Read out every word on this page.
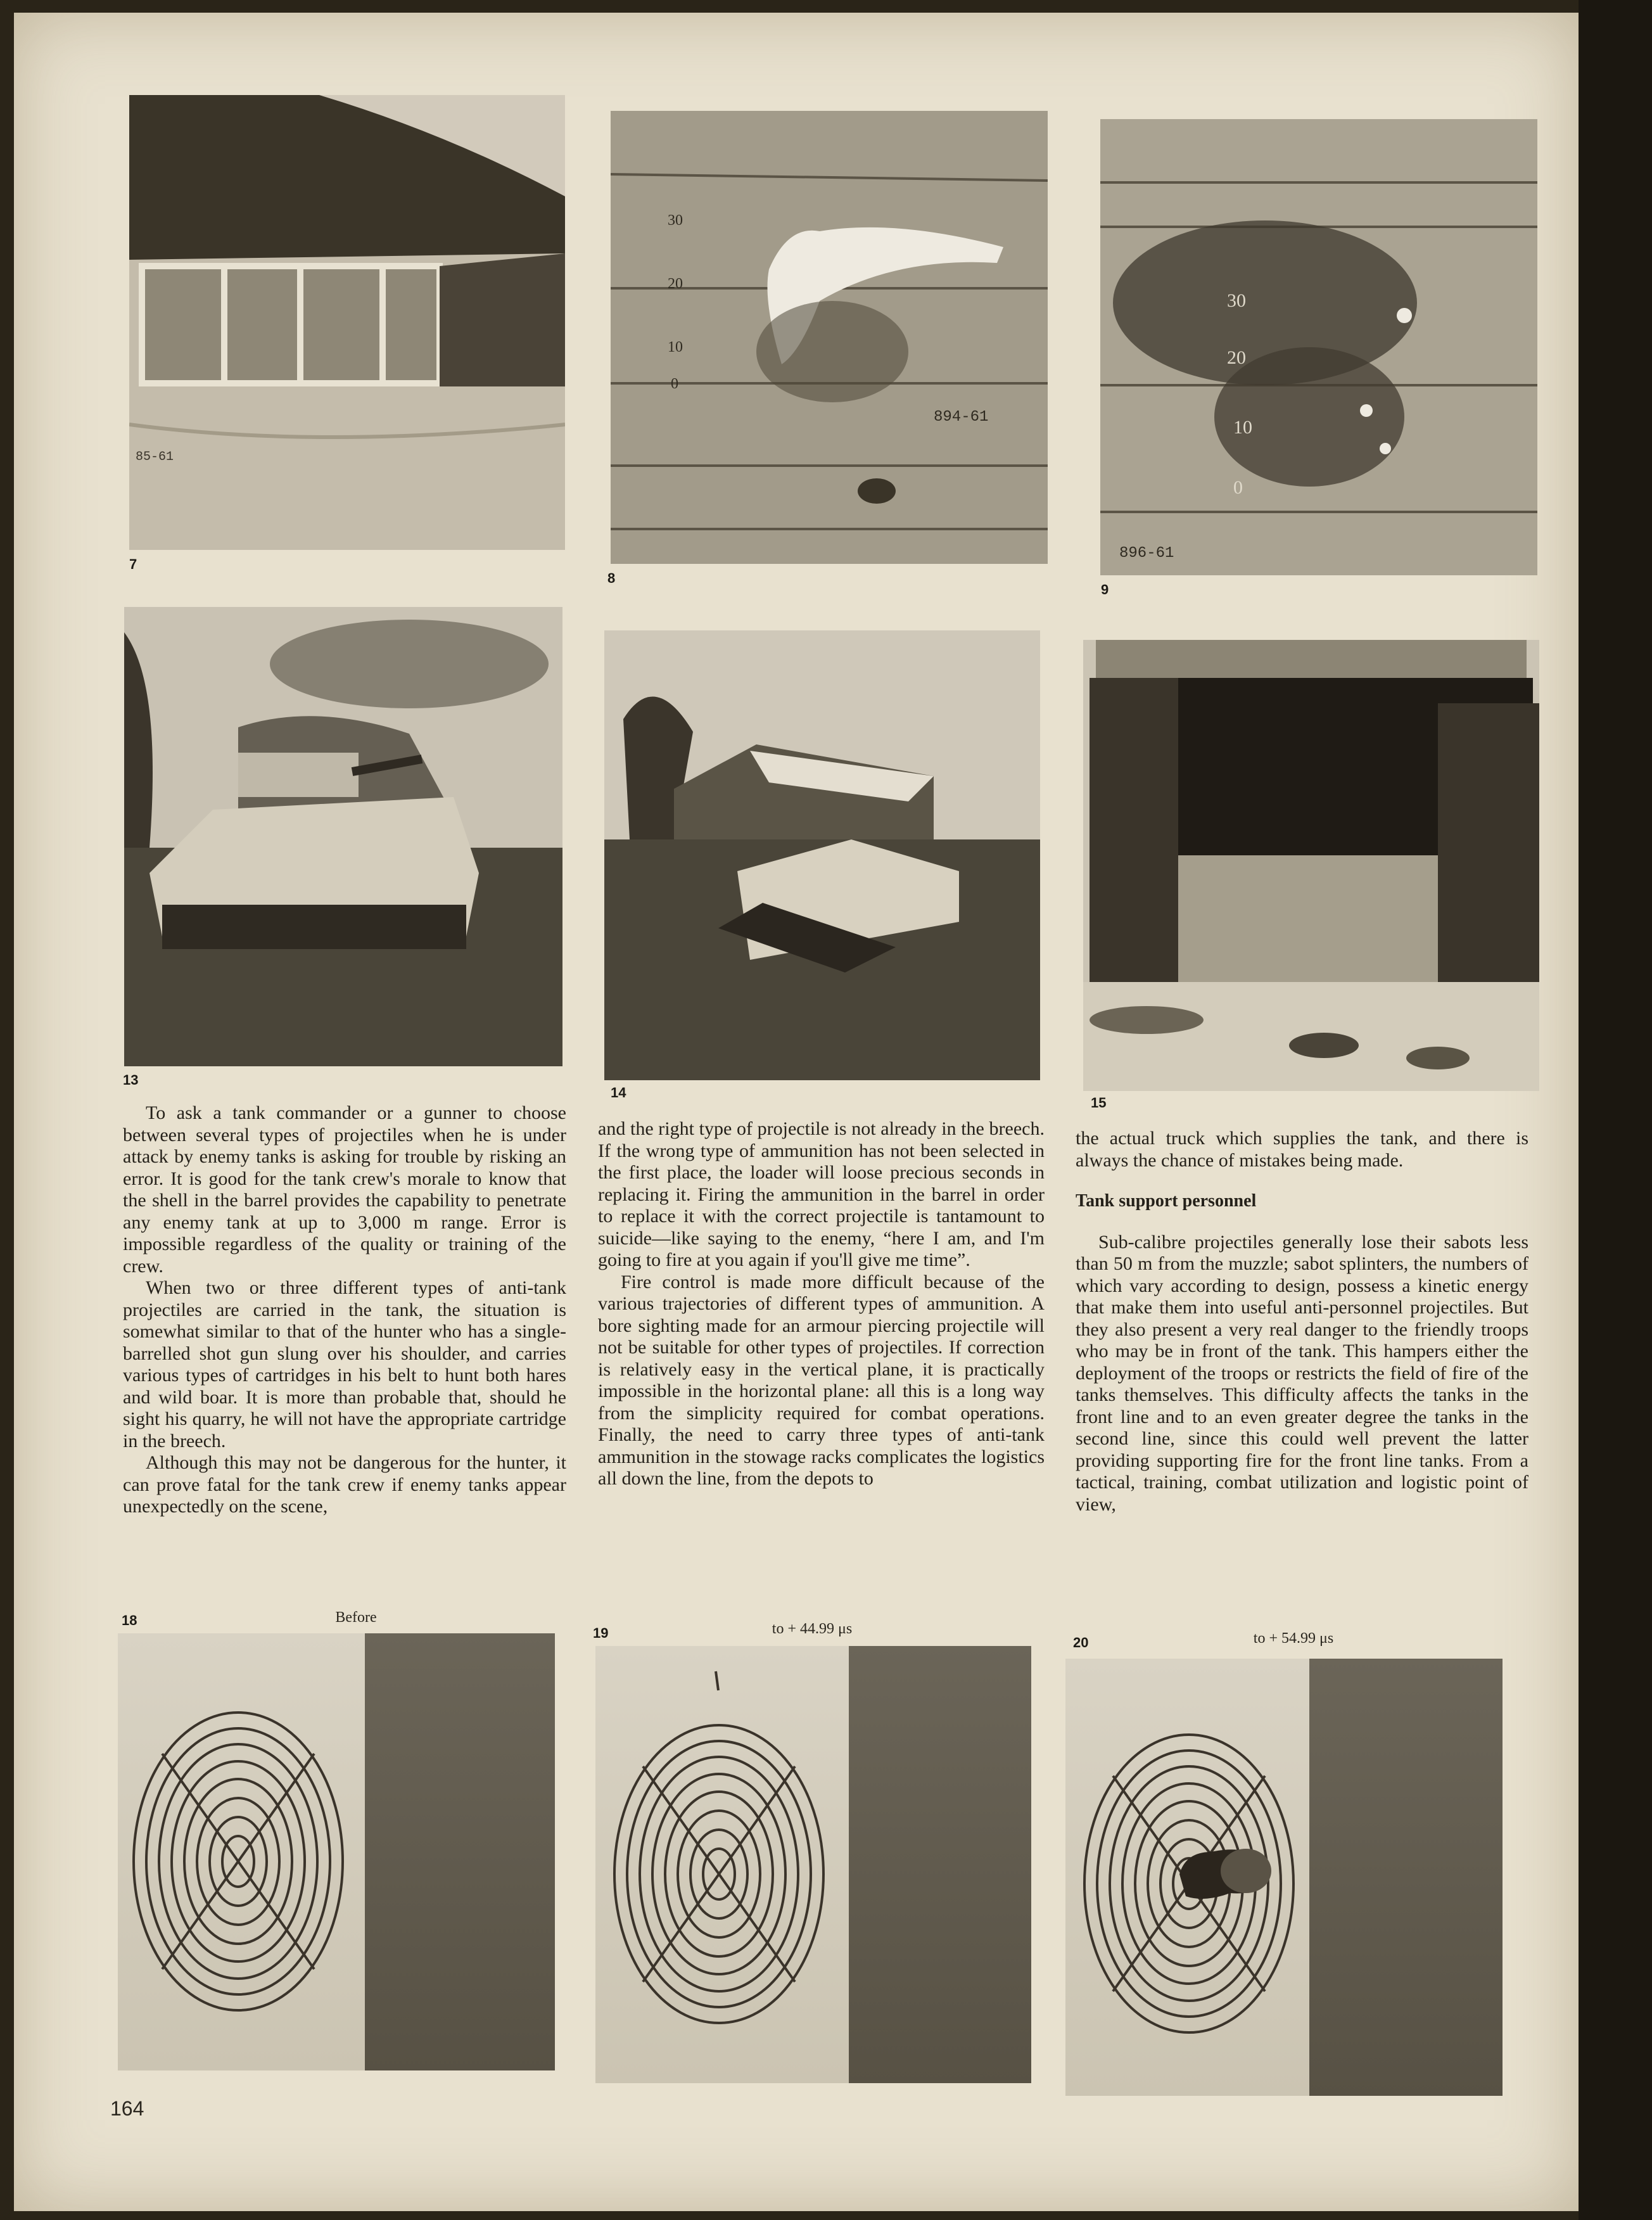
85-61
7
30
20
10
0
894-61
8
30
20
10
0
896-61
9
13
14
15

To ask a tank commander or a gunner to choose between several types of projectiles when he is under attack by enemy tanks is asking for trouble by risking an error. It is good for the tank crew's morale to know that the shell in the barrel provides the capability to penetrate any enemy tank at up to 3,000 m range. Error is impossible regardless of the quality or training of the crew.

When two or three different types of anti-tank projectiles are carried in the tank, the situation is somewhat similar to that of the hunter who has a single-barrelled shot gun slung over his shoulder, and carries various types of cartridges in his belt to hunt both hares and wild boar. It is more than probable that, should he sight his quarry, he will not have the appropriate cartridge in the breech.

Although this may not be dangerous for the hunter, it can prove fatal for the tank crew if enemy tanks appear unexpectedly on the scene,

and the right type of projectile is not already in the breech. If the wrong type of ammunition has not been selected in the first place, the loader will loose precious seconds in replacing it. Firing the ammunition in the barrel in order to replace it with the correct projectile is tantamount to suicide—like saying to the enemy, “here I am, and I'm going to fire at you again if you'll give me time”.

Fire control is made more difficult because of the various trajectories of different types of ammunition. A bore sighting made for an armour piercing projectile will not be suitable for other types of projectiles. If correction is relatively easy in the vertical plane, it is practically impossible in the horizontal plane: all this is a long way from the simplicity required for combat operations. Finally, the need to carry three types of anti-tank ammunition in the stowage racks complicates the logistics all down the line, from the depots to

the actual truck which supplies the tank, and there is always the chance of mistakes being made.

Tank support personnel

Sub-calibre projectiles generally lose their sabots less than 50 m from the muzzle; sabot splinters, the numbers of which vary according to design, possess a kinetic energy that make them into useful anti-personnel projectiles. But they also present a very real danger to the friendly troops who may be in front of the tank. This hampers either the deployment of the troops or restricts the field of fire of the tanks themselves. This difficulty affects the tanks in the front line and to an even greater degree the tanks in the second line, since this could well prevent the latter providing supporting fire for the front line tanks. From a tactical, training, combat utilization and logistic point of view,

18	Before
19	to + 44.99 μs
20	to + 54.99 μs
164
